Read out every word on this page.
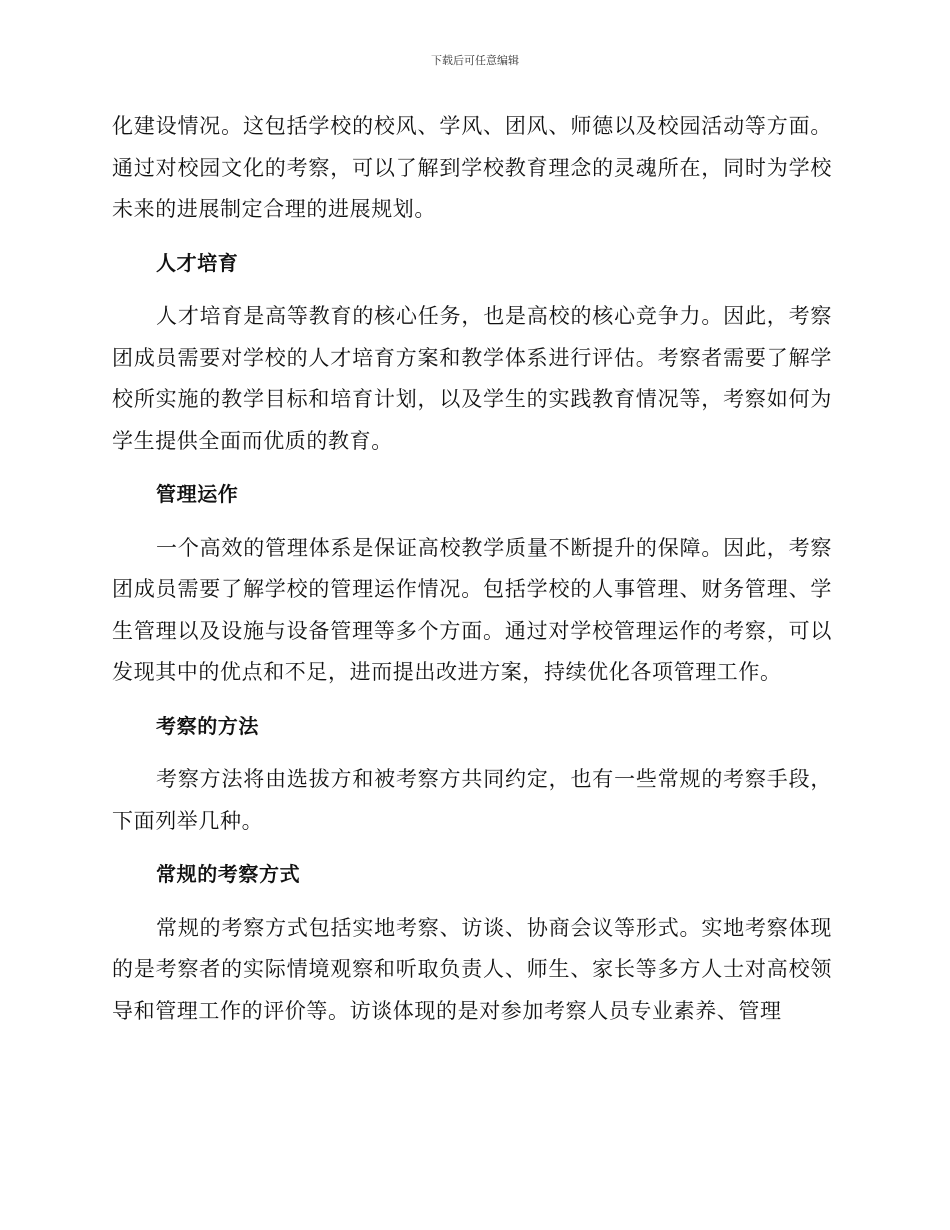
下载后可任意编辑

化建设情况。这包括学校的校风、学风、团风、师德以及校园活动等方面。通过对校园文化的考察，可以了解到学校教育理念的灵魂所在，同时为学校未来的进展制定合理的进展规划。

人才培育

人才培育是高等教育的核心任务，也是高校的核心竞争力。因此，考察团成员需要对学校的人才培育方案和教学体系进行评估。考察者需要了解学校所实施的教学目标和培育计划，以及学生的实践教育情况等，考察如何为学生提供全面而优质的教育。

管理运作

一个高效的管理体系是保证高校教学质量不断提升的保障。因此，考察团成员需要了解学校的管理运作情况。包括学校的人事管理、财务管理、学生管理以及设施与设备管理等多个方面。通过对学校管理运作的考察，可以发现其中的优点和不足，进而提出改进方案，持续优化各项管理工作。

考察的方法

考察方法将由选拔方和被考察方共同约定，也有一些常规的考察手段，下面列举几种。

常规的考察方式

常规的考察方式包括实地考察、访谈、协商会议等形式。实地考察体现的是考察者的实际情境观察和听取负责人、师生、家长等多方人士对高校领导和管理工作的评价等。访谈体现的是对参加考察人员专业素养、管理
